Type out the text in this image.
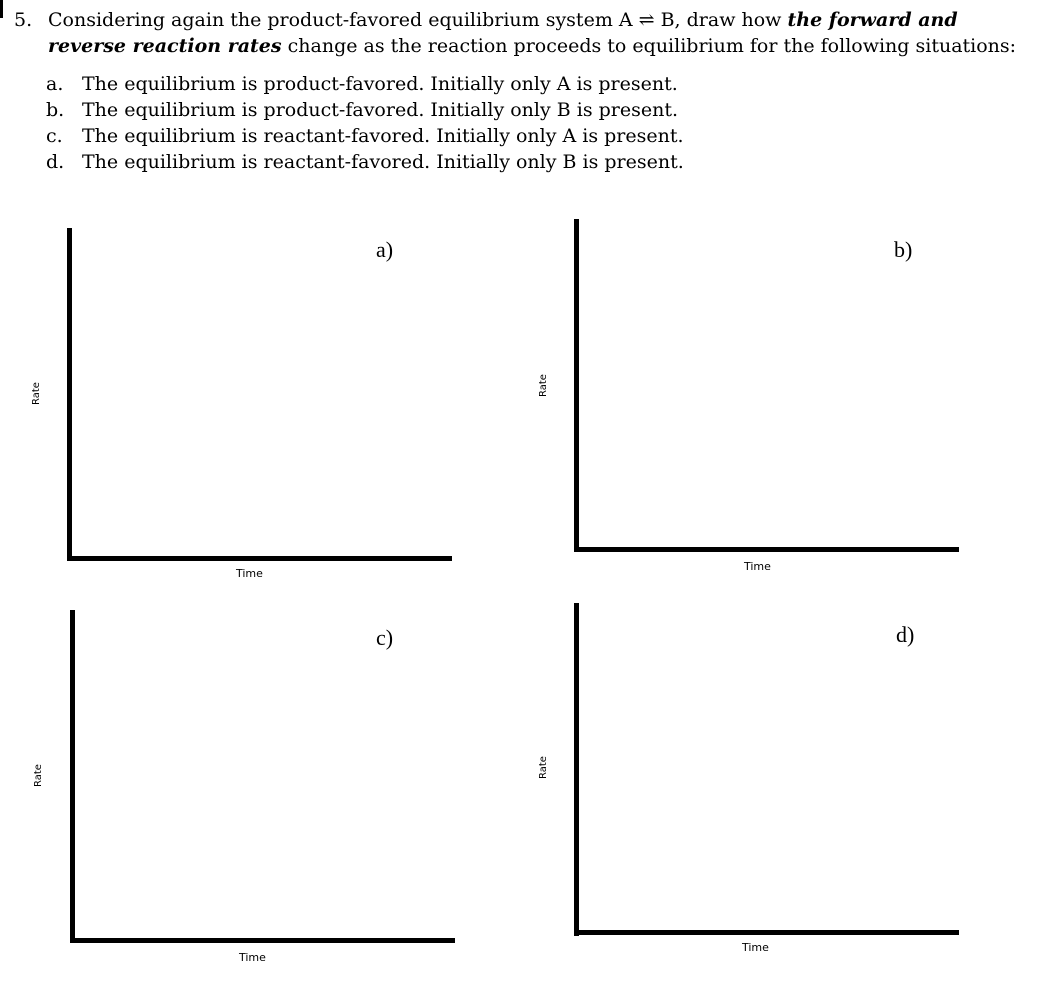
5. Considering again the product-favored equilibrium system A ⇌ B, draw how the forward and reverse reaction rates change as the reaction proceeds to equilibrium for the following situations:
a. The equilibrium is product-favored. Initially only A is present.
b. The equilibrium is product-favored. Initially only B is present.
c. The equilibrium is reactant-favored. Initially only A is present.
d. The equilibrium is reactant-favored. Initially only B is present.
Rate
Time
a)
Rate
Time
b)
Rate
Time
c)
Rate
Time
d)
